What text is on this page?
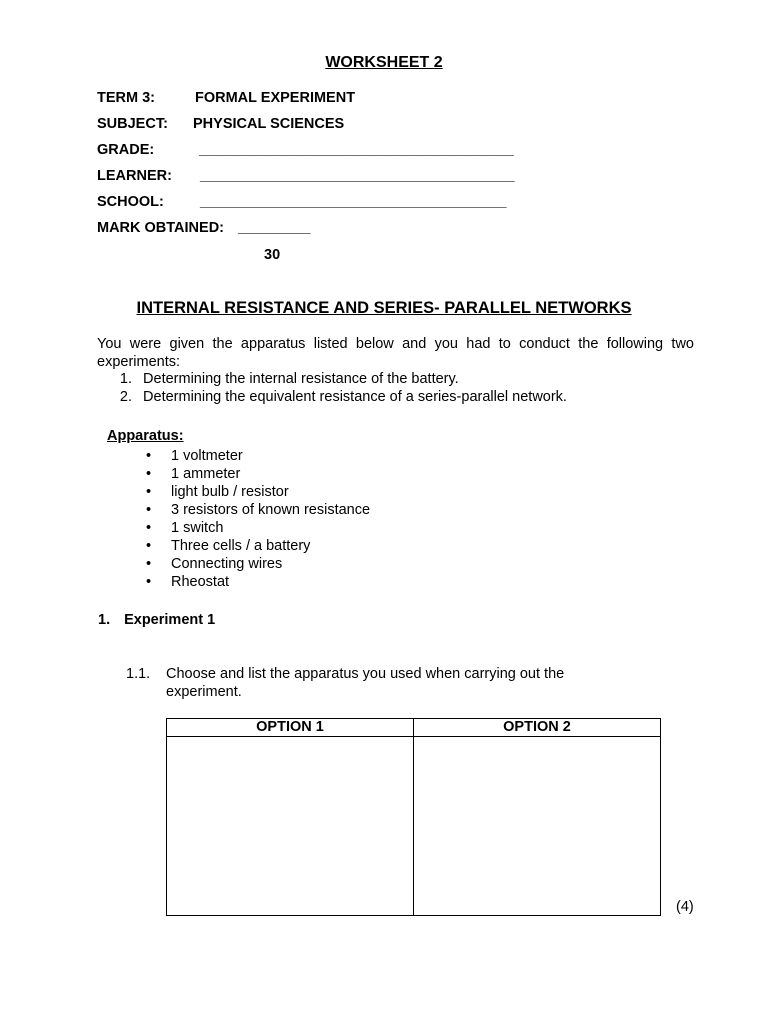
WORKSHEET 2
TERM 3:	FORMAL EXPERIMENT
SUBJECT: PHYSICAL SCIENCES
GRADE:	_______________________________________
LEARNER: _______________________________________
SCHOOL: ______________________________________
MARK OBTAINED: _________
30
INTERNAL RESISTANCE AND SERIES- PARALLEL NETWORKS
You were given the apparatus listed below and you had to conduct the following two experiments:
1. Determining the internal resistance of the battery.
2. Determining the equivalent resistance of a series-parallel network.
Apparatus:
• 1 voltmeter
• 1 ammeter
• light bulb / resistor
• 3 resistors of known resistance
• 1 switch
• Three cells / a battery
• Connecting wires
• Rheostat
1. Experiment 1
1.1. Choose and list the apparatus you used when carrying out the experiment.
OPTION 1	OPTION 2

(4)
